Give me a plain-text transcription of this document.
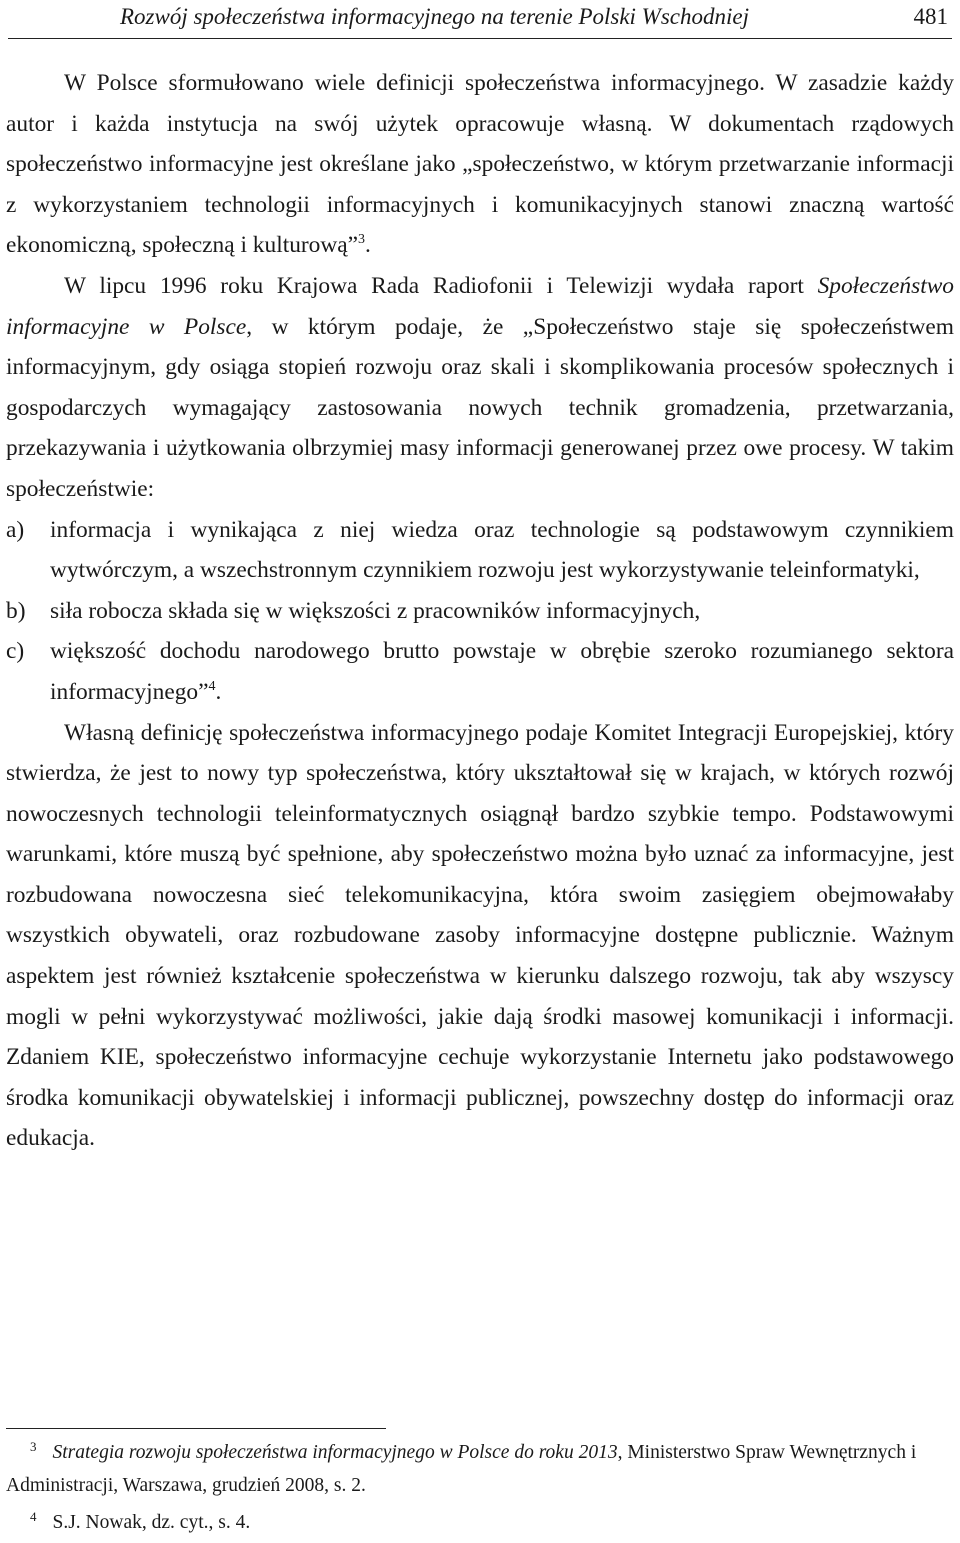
Rozwój społeczeństwa informacyjnego na terenie Polski Wschodniej	481

W Polsce sformułowano wiele definicji społeczeństwa informacyjnego. W zasadzie każdy autor i każda instytucja na swój użytek opracowuje własną. W dokumentach rządowych społeczeństwo informacyjne jest określane jako „społeczeństwo, w którym przetwarzanie informacji z wykorzystaniem technologii informacyjnych i komunikacyjnych stanowi znaczną wartość ekonomiczną, społeczną i kulturową”$^3$.

W lipcu 1996 roku Krajowa Rada Radiofonii i Telewizji wydała raport Społeczeństwo informacyjne w Polsce, w którym podaje, że „Społeczeństwo staje się społeczeństwem informacyjnym, gdy osiąga stopień rozwoju oraz skali i skomplikowania procesów społecznych i gospodarczych wymagający zastosowania nowych technik gromadzenia, przetwarzania, przekazywania i użytkowania olbrzymiej masy informacji generowanej przez owe procesy. W takim społeczeństwie:

a) informacja i wynikająca z niej wiedza oraz technologie są podstawowym czynnikiem wytwórczym, a wszechstronnym czynnikiem rozwoju jest wykorzystywanie teleinformatyki,
b) siła robocza składa się w większości z pracowników informacyjnych,
c) większość dochodu narodowego brutto powstaje w obrębie szeroko rozumianego sektora informacyjnego”$^4$.

Własną definicję społeczeństwa informacyjnego podaje Komitet Integracji Europejskiej, który stwierdza, że jest to nowy typ społeczeństwa, który ukształtował się w krajach, w których rozwój nowoczesnych technologii teleinformatycznych osiągnął bardzo szybkie tempo. Podstawowymi warunkami, które muszą być spełnione, aby społeczeństwo można było uznać za informacyjne, jest rozbudowana nowoczesna sieć telekomunikacyjna, która swoim zasięgiem obejmowałaby wszystkich obywateli, oraz rozbudowane zasoby informacyjne dostępne publicznie. Ważnym aspektem jest również kształcenie społeczeństwa w kierunku dalszego rozwoju, tak aby wszyscy mogli w pełni wykorzystywać możliwości, jakie dają środki masowej komunikacji i informacji. Zdaniem KIE, społeczeństwo informacyjne cechuje wykorzystanie Internetu jako podstawowego środka komunikacji obywatelskiej i informacji publicznej, powszechny dostęp do informacji oraz edukacja.

$^3$ Strategia rozwoju społeczeństwa informacyjnego w Polsce do roku 2013, Ministerstwo Spraw Wewnętrznych i Administracji, Warszawa, grudzień 2008, s. 2.

$^4$ S.J. Nowak, dz. cyt., s. 4.
